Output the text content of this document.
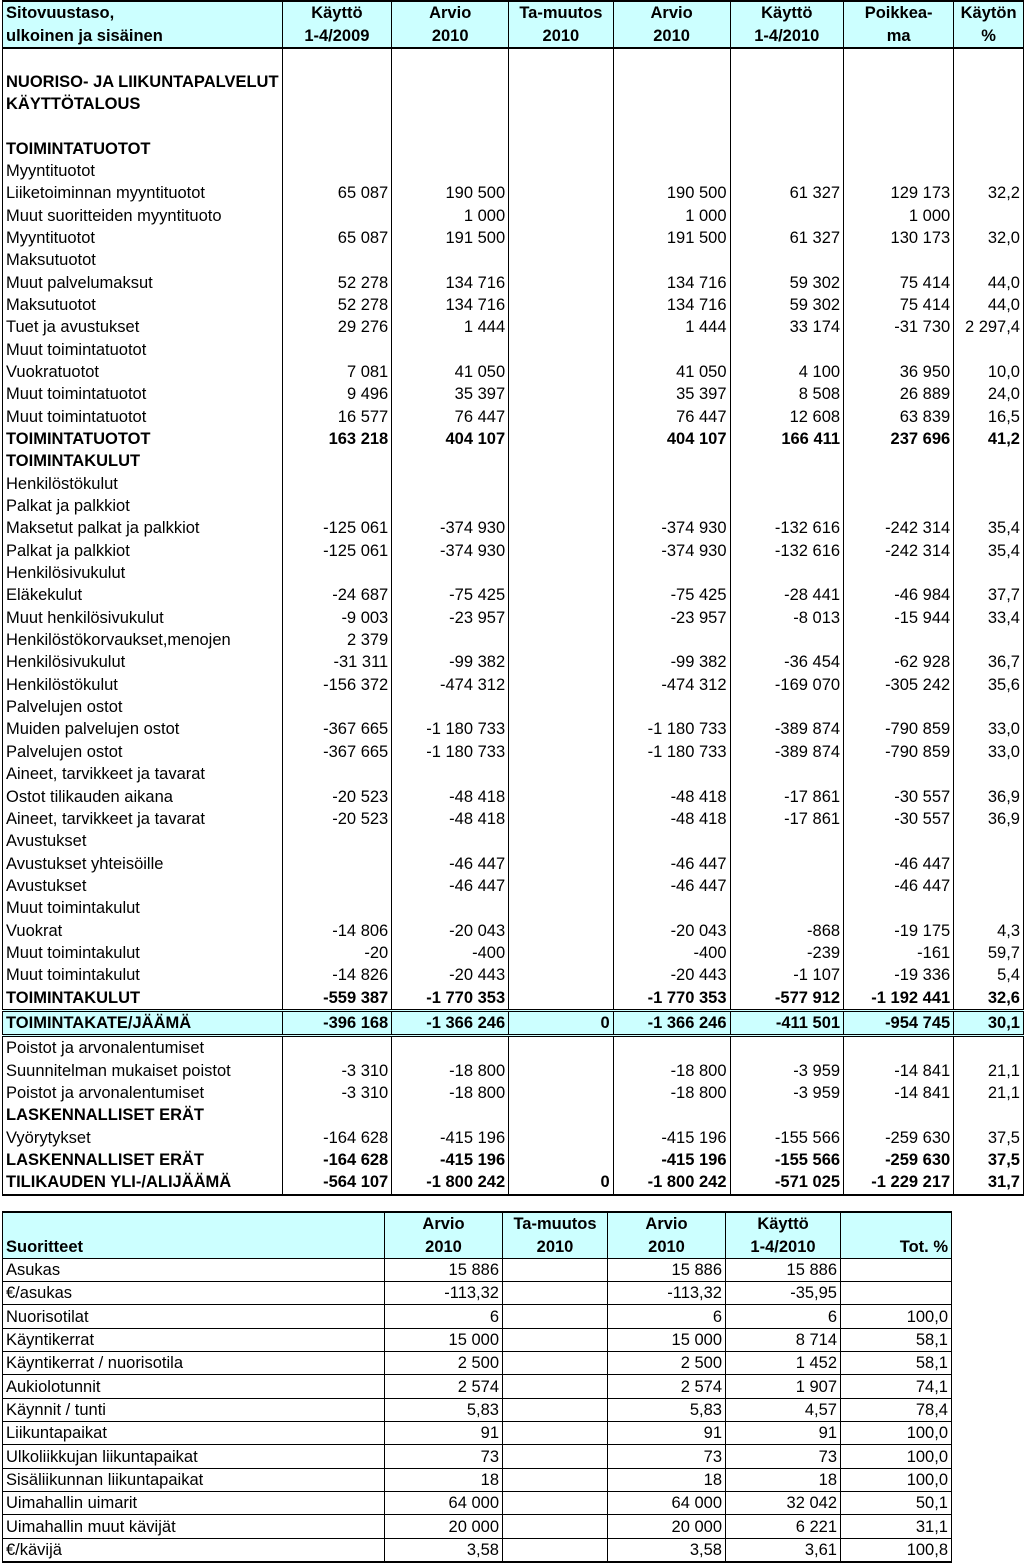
Sitovuustaso,	Käyttö	Arvio	Ta-muutos	Arvio	Käyttö	Poikkea-	Käytön
ulkoinen ja sisäinen	1-4/2009	2010	2010	2010	1-4/2010	ma	%

NUORISO- JA LIIKUNTAPALVELUT							
KÄYTTÖTALOUS							

TOIMINTATUOTOT							
Myyntituotot							
Liiketoiminnan myyntituotot	65 087	190 500		190 500	61 327	129 173	32,2
Muut suoritteiden myyntituoto		1 000		1 000		1 000	
Myyntituotot	65 087	191 500		191 500	61 327	130 173	32,0
Maksutuotot							
Muut palvelumaksut	52 278	134 716		134 716	59 302	75 414	44,0
Maksutuotot	52 278	134 716		134 716	59 302	75 414	44,0
Tuet ja avustukset	29 276	1 444		1 444	33 174	-31 730	2 297,4
Muut toimintatuotot							
Vuokratuotot	7 081	41 050		41 050	4 100	36 950	10,0
Muut toimintatuotot	9 496	35 397		35 397	8 508	26 889	24,0
Muut toimintatuotot	16 577	76 447		76 447	12 608	63 839	16,5
TOIMINTATUOTOT	163 218	404 107		404 107	166 411	237 696	41,2
TOIMINTAKULUT							
Henkilöstökulut							
Palkat ja palkkiot							
Maksetut palkat ja palkkiot	-125 061	-374 930		-374 930	-132 616	-242 314	35,4
Palkat ja palkkiot	-125 061	-374 930		-374 930	-132 616	-242 314	35,4
Henkilösivukulut							
Eläkekulut	-24 687	-75 425		-75 425	-28 441	-46 984	37,7
Muut henkilösivukulut	-9 003	-23 957		-23 957	-8 013	-15 944	33,4
Henkilöstökorvaukset,menojen	2 379						
Henkilösivukulut	-31 311	-99 382		-99 382	-36 454	-62 928	36,7
Henkilöstökulut	-156 372	-474 312		-474 312	-169 070	-305 242	35,6
Palvelujen ostot							
Muiden palvelujen ostot	-367 665	-1 180 733		-1 180 733	-389 874	-790 859	33,0
Palvelujen ostot	-367 665	-1 180 733		-1 180 733	-389 874	-790 859	33,0
Aineet, tarvikkeet ja tavarat							
Ostot tilikauden aikana	-20 523	-48 418		-48 418	-17 861	-30 557	36,9
Aineet, tarvikkeet ja tavarat	-20 523	-48 418		-48 418	-17 861	-30 557	36,9
Avustukset							
Avustukset yhteisöille		-46 447		-46 447		-46 447	
Avustukset		-46 447		-46 447		-46 447	
Muut toimintakulut							
Vuokrat	-14 806	-20 043		-20 043	-868	-19 175	4,3
Muut toimintakulut	-20	-400		-400	-239	-161	59,7
Muut toimintakulut	-14 826	-20 443		-20 443	-1 107	-19 336	5,4
TOIMINTAKULUT	-559 387	-1 770 353		-1 770 353	-577 912	-1 192 441	32,6
TOIMINTAKATE/JÄÄMÄ	-396 168	-1 366 246	0	-1 366 246	-411 501	-954 745	30,1
Poistot ja arvonalentumiset							
Suunnitelman mukaiset poistot	-3 310	-18 800		-18 800	-3 959	-14 841	21,1
Poistot ja arvonalentumiset	-3 310	-18 800		-18 800	-3 959	-14 841	21,1
LASKENNALLISET ERÄT							
Vyörytykset	-164 628	-415 196		-415 196	-155 566	-259 630	37,5
LASKENNALLISET ERÄT	-164 628	-415 196		-415 196	-155 566	-259 630	37,5
TILIKAUDEN YLI-/ALIJÄÄMÄ	-564 107	-1 800 242	0	-1 800 242	-571 025	-1 229 217	31,7
	Arvio	Ta-muutos	Arvio	Käyttö	
Suoritteet	2010	2010	2010	1-4/2010	Tot. %
Asukas	15 886		15 886	15 886	
€/asukas	-113,32		-113,32	-35,95	
Nuorisotilat	6		6	6	100,0
Käyntikerrat	15 000		15 000	8 714	58,1
Käyntikerrat / nuorisotila	2 500		2 500	1 452	58,1
Aukiolotunnit	2 574		2 574	1 907	74,1
Käynnit / tunti	5,83		5,83	4,57	78,4
Liikuntapaikat	91		91	91	100,0
Ulkoliikkujan liikuntapaikat	73		73	73	100,0
Sisäliikunnan liikuntapaikat	18		18	18	100,0
Uimahallin uimarit	64 000		64 000	32 042	50,1
Uimahallin muut kävijät	20 000		20 000	6 221	31,1
€/kävijä	3,58		3,58	3,61	100,8
